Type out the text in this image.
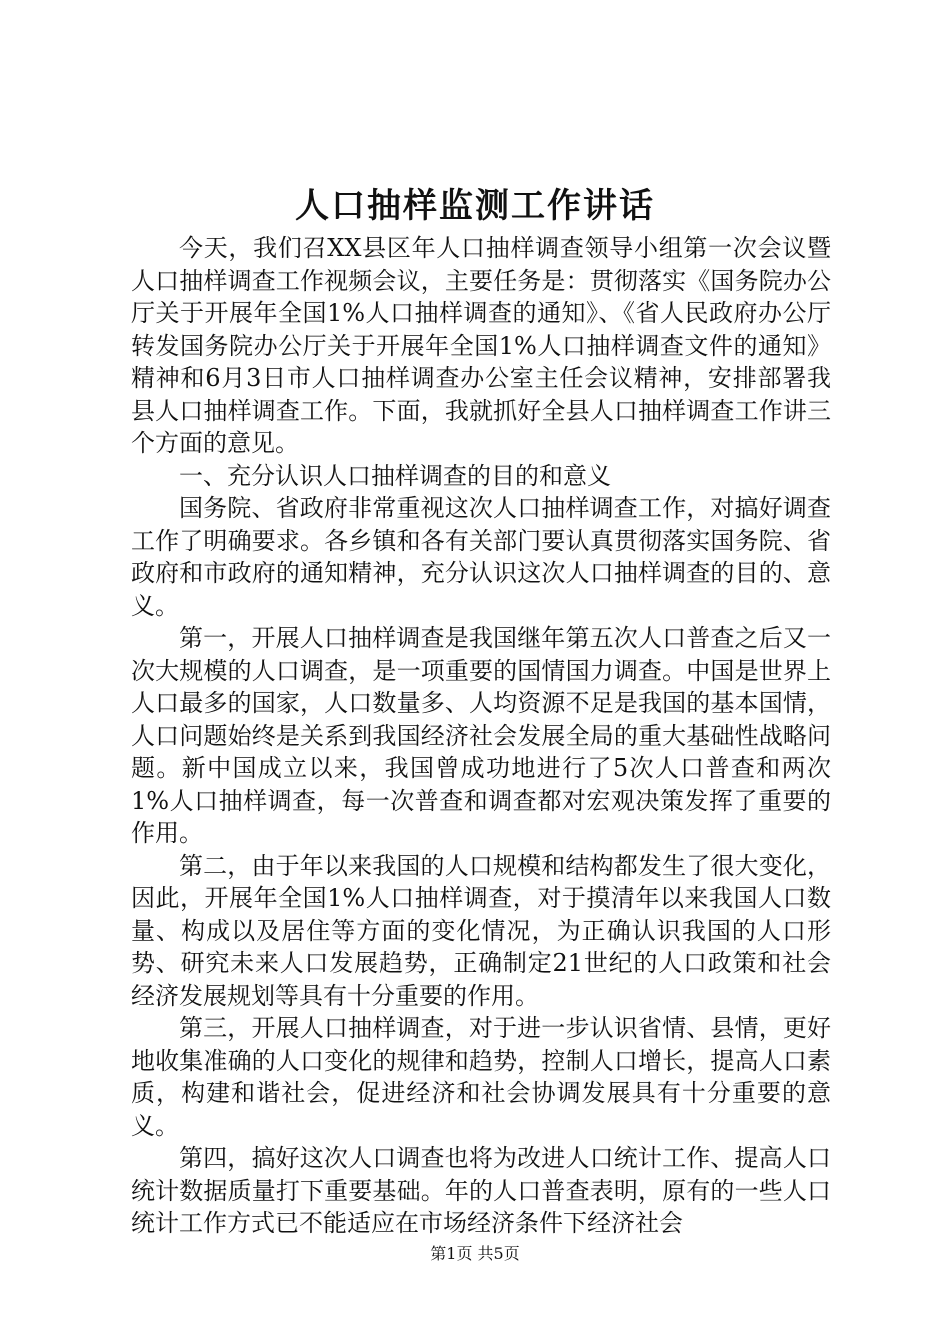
人口抽样监测工作讲话

今天，我们召XX县区年人口抽样调查领导小组第一次会议暨人口抽样调查工作视频会议，主要任务是：贯彻落实《国务院办公厅关于开展年全国1%人口抽样调查的通知》、《省人民政府办公厅转发国务院办公厅关于开展年全国1%人口抽样调查文件的通知》精神和6月3日市人口抽样调查办公室主任会议精神，安排部署我县人口抽样调查工作。下面，我就抓好全县人口抽样调查工作讲三个方面的意见。

一、充分认识人口抽样调查的目的和意义

国务院、省政府非常重视这次人口抽样调查工作，对搞好调查工作了明确要求。各乡镇和各有关部门要认真贯彻落实国务院、省政府和市政府的通知精神，充分认识这次人口抽样调查的目的、意义。

第一，开展人口抽样调查是我国继年第五次人口普查之后又一次大规模的人口调查，是一项重要的国情国力调查。中国是世界上人口最多的国家，人口数量多、人均资源不足是我国的基本国情，人口问题始终是关系到我国经济社会发展全局的重大基础性战略问题。新中国成立以来，我国曾成功地进行了5次人口普查和两次1%人口抽样调查，每一次普查和调查都对宏观决策发挥了重要的作用。

第二，由于年以来我国的人口规模和结构都发生了很大变化，因此，开展年全国1%人口抽样调查，对于摸清年以来我国人口数量、构成以及居住等方面的变化情况，为正确认识我国的人口形势、研究未来人口发展趋势，正确制定21世纪的人口政策和社会经济发展规划等具有十分重要的作用。

第三，开展人口抽样调查，对于进一步认识省情、县情，更好地收集准确的人口变化的规律和趋势，控制人口增长，提高人口素质，构建和谐社会，促进经济和社会协调发展具有十分重要的意义。

第四，搞好这次人口调查也将为改进人口统计工作、提高人口统计数据质量打下重要基础。年的人口普查表明，原有的一些人口统计工作方式已不能适应在市场经济条件下经济社会

第1页 共5页
